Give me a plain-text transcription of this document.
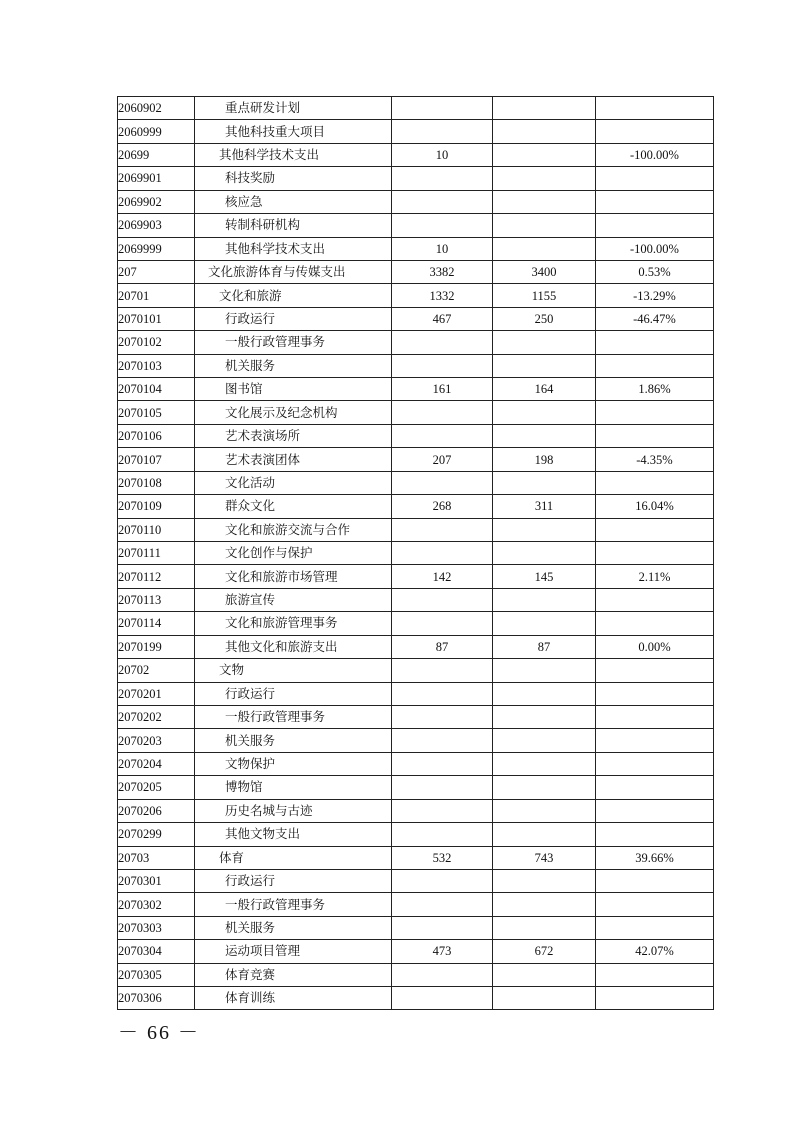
2060902	重点研发计划			
2060999	其他科技重大项目			
20699	其他科学技术支出	10		-100.00%
2069901	科技奖励			
2069902	核应急			
2069903	转制科研机构			
2069999	其他科学技术支出	10		-100.00%
207	文化旅游体育与传媒支出	3382	3400	0.53%
20701	文化和旅游	1332	1155	-13.29%
2070101	行政运行	467	250	-46.47%
2070102	一般行政管理事务			
2070103	机关服务			
2070104	图书馆	161	164	1.86%
2070105	文化展示及纪念机构			
2070106	艺术表演场所			
2070107	艺术表演团体	207	198	-4.35%
2070108	文化活动			
2070109	群众文化	268	311	16.04%
2070110	文化和旅游交流与合作			
2070111	文化创作与保护			
2070112	文化和旅游市场管理	142	145	2.11%
2070113	旅游宣传			
2070114	文化和旅游管理事务			
2070199	其他文化和旅游支出	87	87	0.00%
20702	文物			
2070201	行政运行			
2070202	一般行政管理事务			
2070203	机关服务			
2070204	文物保护			
2070205	博物馆			
2070206	历史名城与古迹			
2070299	其他文物支出			
20703	体育	532	743	39.66%
2070301	行政运行			
2070302	一般行政管理事务			
2070303	机关服务			
2070304	运动项目管理	473	672	42.07%
2070305	体育竞赛			
2070306	体育训练			
－ 66 －
